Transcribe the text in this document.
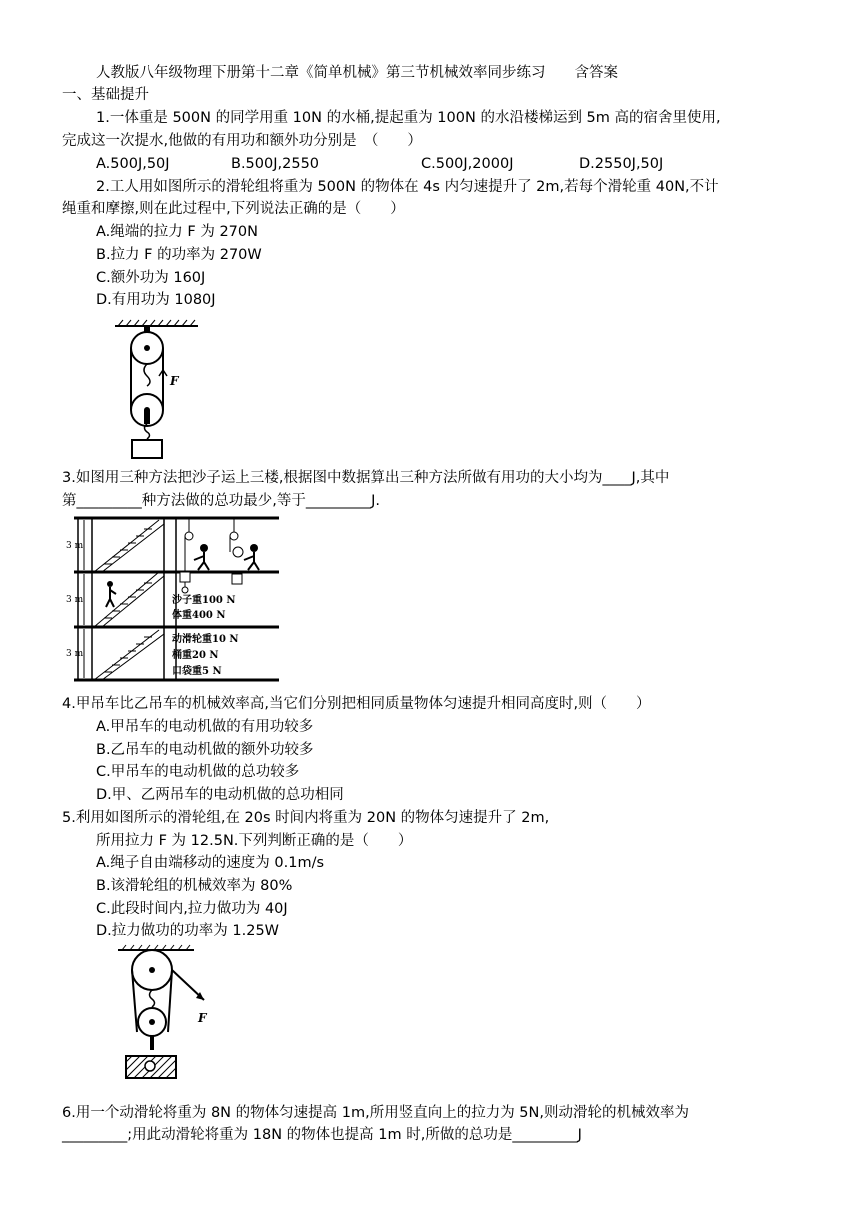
人教版八年级物理下册第十二章《简单机械》第三节机械效率同步练习　　含答案
一、基础提升
1.一体重是 500N 的同学用重 10N 的水桶,提起重为 100N 的水沿楼梯运到 5m 高的宿舍里使用,
完成这一次提水,他做的有用功和额外功分别是　（　　）
A.500J,50J	B.500J,2550	C.500J,2000J	D.2550J,50J
2.工人用如图所示的滑轮组将重为 500N 的物体在 4s 内匀速提升了 2m,若每个滑轮重 40N,不计
绳重和摩擦,则在此过程中,下列说法正确的是（　　）
A.绳端的拉力 F 为 270N
B.拉力 F 的功率为 270W
C.额外功为 160J
D.有用功为 1080J
F
3.如图用三种方法把沙子运上三楼,根据图中数据算出三种方法所做有用功的大小均为____J,其中
第_________种方法做的总功最少,等于_________J.
3 m
3 m
3 m
沙子重100 N
体重400 N
动滑轮重10 N
桶重20 N
口袋重5 N
4.甲吊车比乙吊车的机械效率高,当它们分别把相同质量物体匀速提升相同高度时,则（　　）
A.甲吊车的电动机做的有用功较多
B.乙吊车的电动机做的额外功较多
C.甲吊车的电动机做的总功较多
D.甲、乙两吊车的电动机做的总功相同
5.利用如图所示的滑轮组,在 20s 时间内将重为 20N 的物体匀速提升了 2m,
所用拉力 F 为 12.5N.下列判断正确的是（　　）
A.绳子自由端移动的速度为 0.1m/s
B.该滑轮组的机械效率为 80%
C.此段时间内,拉力做功为 40J
D.拉力做功的功率为 1.25W
F
6.用一个动滑轮将重为 8N 的物体匀速提高 1m,所用竖直向上的拉力为 5N,则动滑轮的机械效率为
_________;用此动滑轮将重为 18N 的物体也提高 1m 时,所做的总功是_________J
